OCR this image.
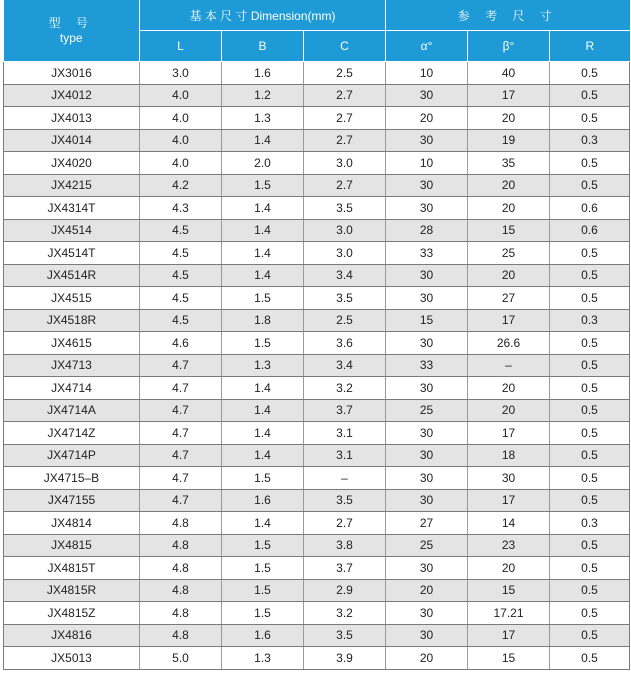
型 号
type	基 本 尺 寸 Dimension(mm)			参 考 尺 寸		
	L	B	C	α°	β°	R
JX3016	3.0	1.6	2.5	10	40	0.5
JX4012	4.0	1.2	2.7	30	17	0.5
JX4013	4.0	1.3	2.7	20	20	0.5
JX4014	4.0	1.4	2.7	30	19	0.3
JX4020	4.0	2.0	3.0	10	35	0.5
JX4215	4.2	1.5	2.7	30	20	0.5
JX4314T	4.3	1.4	3.5	30	20	0.6
JX4514	4.5	1.4	3.0	28	15	0.6
JX4514T	4.5	1.4	3.0	33	25	0.5
JX4514R	4.5	1.4	3.4	30	20	0.5
JX4515	4.5	1.5	3.5	30	27	0.5
JX4518R	4.5	1.8	2.5	15	17	0.3
JX4615	4.6	1.5	3.6	30	26.6	0.5
JX4713	4.7	1.3	3.4	33	–	0.5
JX4714	4.7	1.4	3.2	30	20	0.5
JX4714A	4.7	1.4	3.7	25	20	0.5
JX4714Z	4.7	1.4	3.1	30	17	0.5
JX4714P	4.7	1.4	3.1	30	18	0.5
JX4715–B	4.7	1.5	–	30	30	0.5
JX47155	4.7	1.6	3.5	30	17	0.5
JX4814	4.8	1.4	2.7	27	14	0.3
JX4815	4.8	1.5	3.8	25	23	0.5
JX4815T	4.8	1.5	3.7	30	20	0.5
JX4815R	4.8	1.5	2.9	20	15	0.5
JX4815Z	4.8	1.5	3.2	30	17.21	0.5
JX4816	4.8	1.6	3.5	30	17	0.5
JX5013	5.0	1.3	3.9	20	15	0.5
